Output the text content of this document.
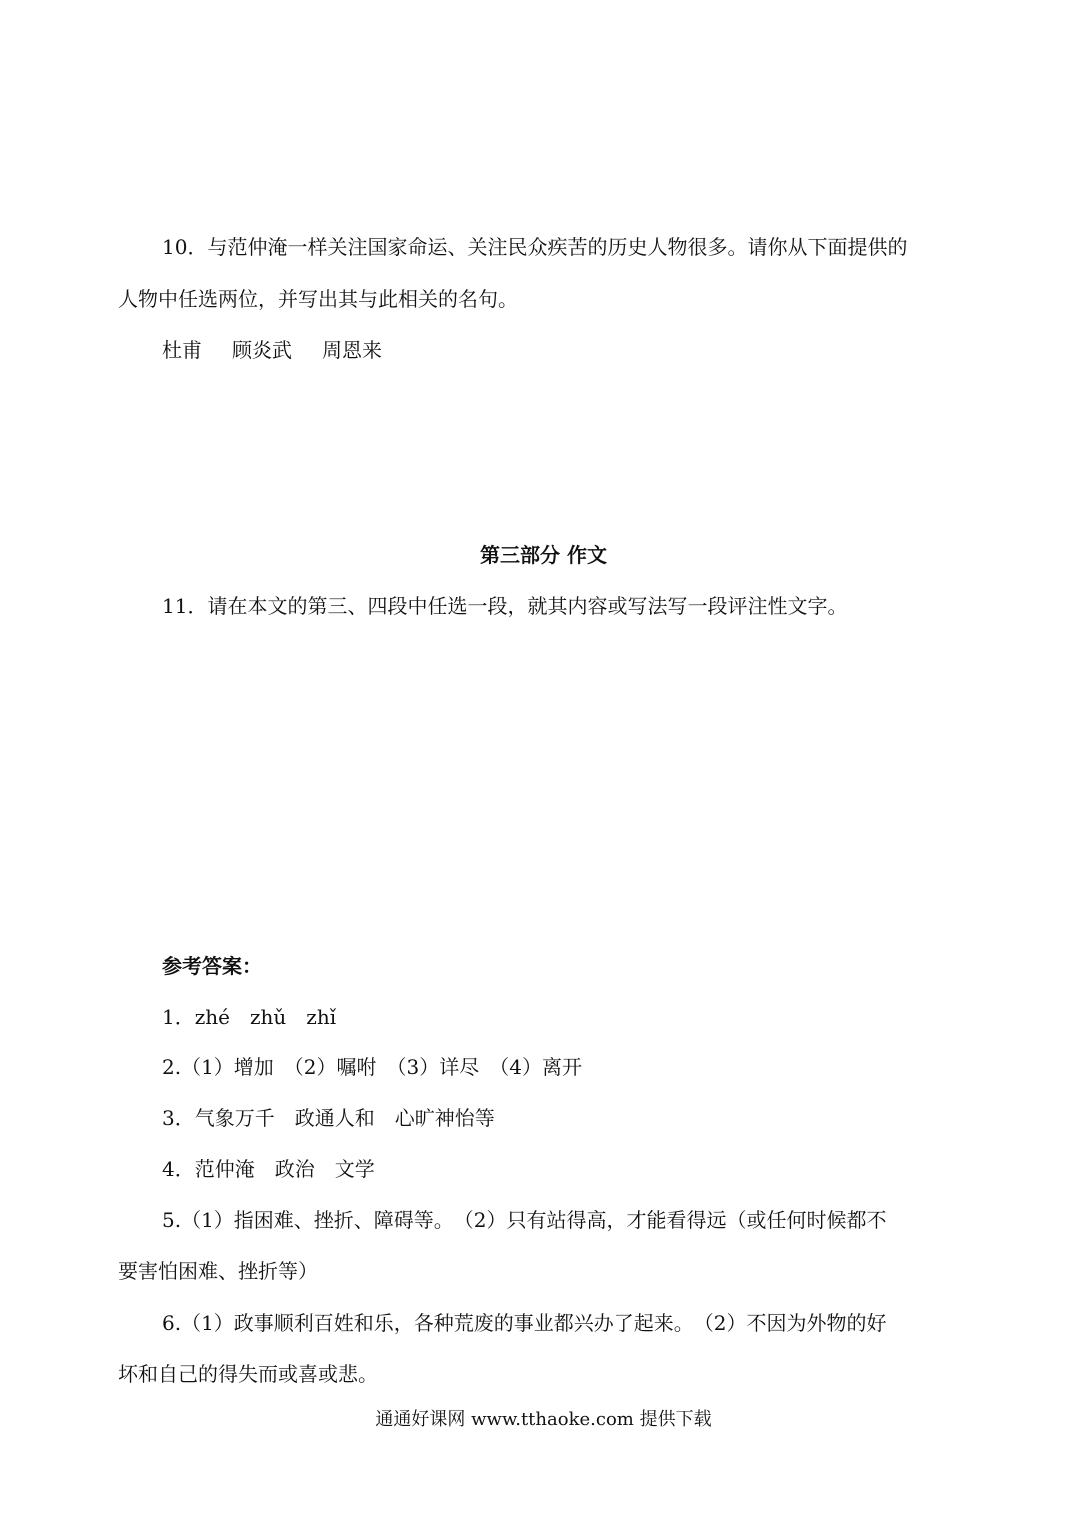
10．与范仲淹一样关注国家命运、关注民众疾苦的历史人物很多。请你从下面提供的

人物中任选两位，并写出其与此相关的名句。

杜甫 顾炎武 周恩来

第三部分 作文

11．请在本文的第三、四段中任选一段，就其内容或写法写一段评注性文字。

参考答案：

1．zhé　zhǔ　zhǐ

2.（1）增加　（2）嘱咐　（3）详尽　（4）离开

3．气象万千　政通人和　心旷神怡等

4．范仲淹　政治　文学

5.（1）指困难、挫折、障碍等。　（2）只有站得高，才能看得远（或任何时候都不

要害怕困难、挫折等）

6.（1）政事顺利百姓和乐，各种荒废的事业都兴办了起来。　（2）不因为外物的好

坏和自己的得失而或喜或悲。

通通好课网 www.tthaoke.com 提供下载
